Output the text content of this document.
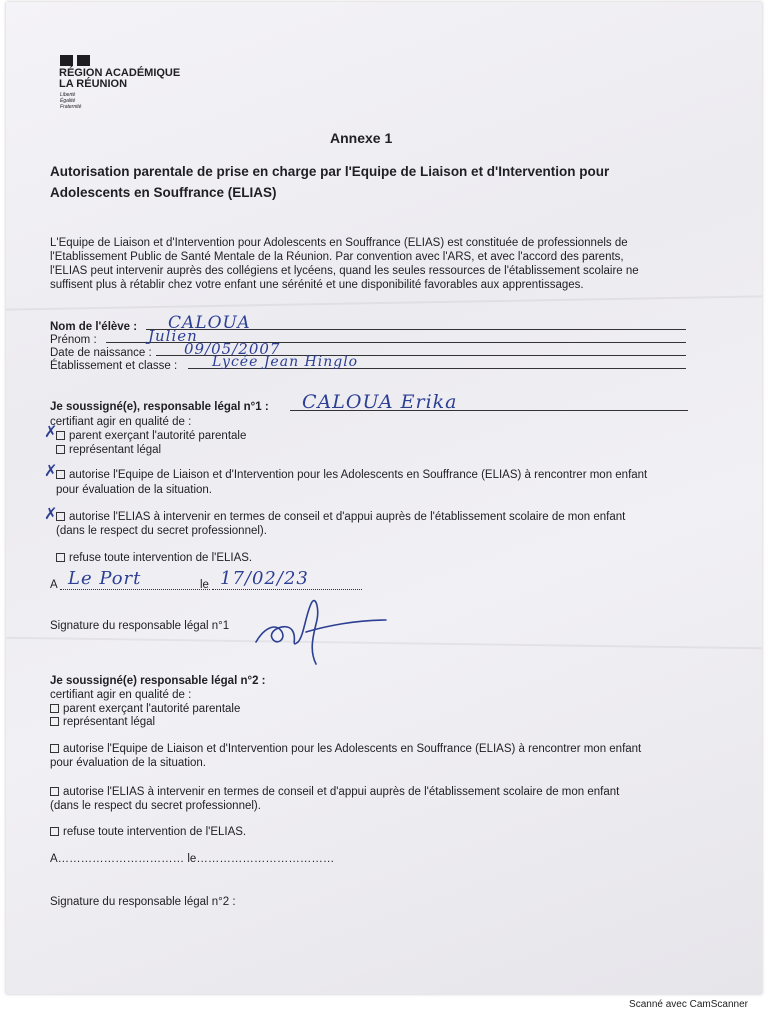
RÉGION ACADÉMIQUE
LA RÉUNION
Liberté
Égalité
Fraternité
Annexe 1
Autorisation parentale de prise en charge par l'Equipe de Liaison et d'Intervention pour
Adolescents en Souffrance (ELIAS)
L'Equipe de Liaison et d'Intervention pour Adolescents en Souffrance (ELIAS) est constituée de professionnels de
l'Etablissement Public de Santé Mentale de la Réunion. Par convention avec l'ARS, et avec l'accord des parents,
l'ELIAS peut intervenir auprès des collégiens et lycéens, quand les seules ressources de l'établissement scolaire ne
suffisent plus à rétablir chez votre enfant une sérénité et une disponibilité favorables aux apprentissages.
Nom de l'élève : CALOUA
Prénom :	Julien
Date de naissance : 09/05/2007
Établissement et classe : Lycée Jean Hinglo
Je soussigné(e), responsable légal n°1 : CALOUA Erika
certifiant agir en qualité de :
parent exerçant l'autorité parentale
✗
représentant légal
autorise l'Equipe de Liaison et d'Intervention pour les Adolescents en Souffrance (ELIAS) à rencontrer mon enfant
✗
pour évaluation de la situation.
autorise l'ELIAS à intervenir en termes de conseil et d'appui auprès de l'établissement scolaire de mon enfant
✗
(dans le respect du secret professionnel).
refuse toute intervention de l'ELIAS.
A Le Port	le 17/02/23
Signature du responsable légal n°1
Je soussigné(e) responsable légal n°2 :
certifiant agir en qualité de :
parent exerçant l'autorité parentale
représentant légal
autorise l'Equipe de Liaison et d'Intervention pour les Adolescents en Souffrance (ELIAS) à rencontrer mon enfant
pour évaluation de la situation.
autorise l'ELIAS à intervenir en termes de conseil et d'appui auprès de l'établissement scolaire de mon enfant
(dans le respect du secret professionnel).
refuse toute intervention de l'ELIAS.
A…………………………… le………………………………
Signature du responsable légal n°2 :
Scanné avec CamScanner
